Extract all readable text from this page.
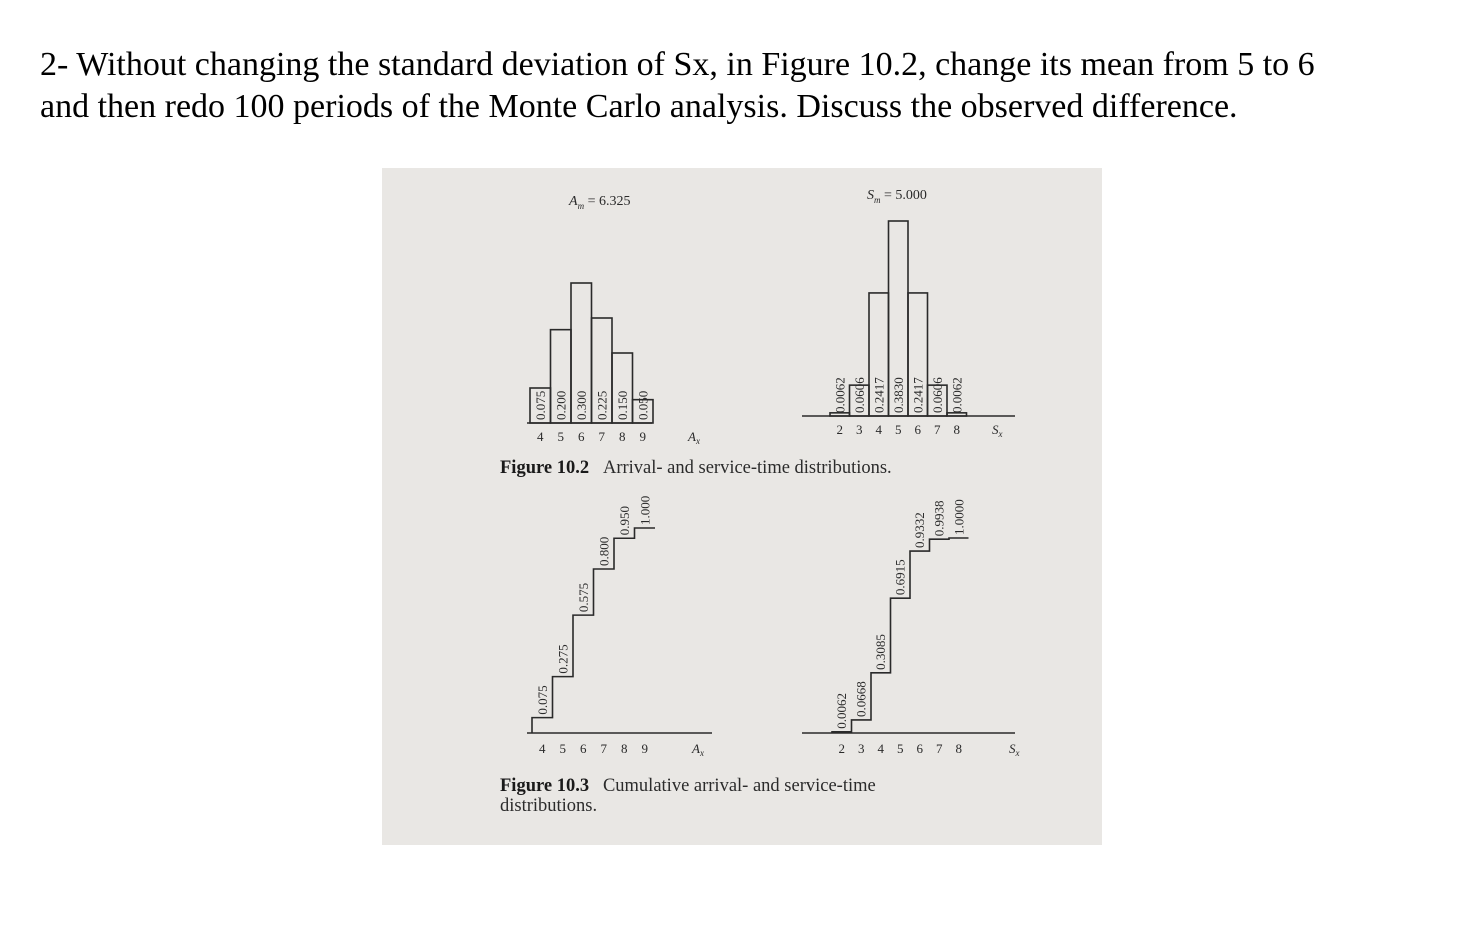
2- Without changing the standard deviation of Sx, in Figure 10.2, change its mean from 5 to 6

and then redo 100 periods of the Monte Carlo analysis. Discuss the observed difference.

0.075 0.200 0.300 0.225 0.150 0.050
4 5 6 7 8 9	$A_x$
0.0062 0.0606 0.2417 0.3830 0.2417 0.0606 0.0062
2 3 4 5 6 7 8 $S_x$
0.075
0.275
0.575
0.800
0.950 1.000
4 5 6 7 8 9	$A_x$
0.0062 0.0668
0.3085
0.6915
0.9332 0.9938 1.0000
2 3 4 5 6 7 8	$S_x$
$A_m = 6.325$	$S_m = 5.000$
Figure 10.2 Arrival- and service-time distributions.
Figure 10.3 Cumulative arrival- and service-time
distributions.
